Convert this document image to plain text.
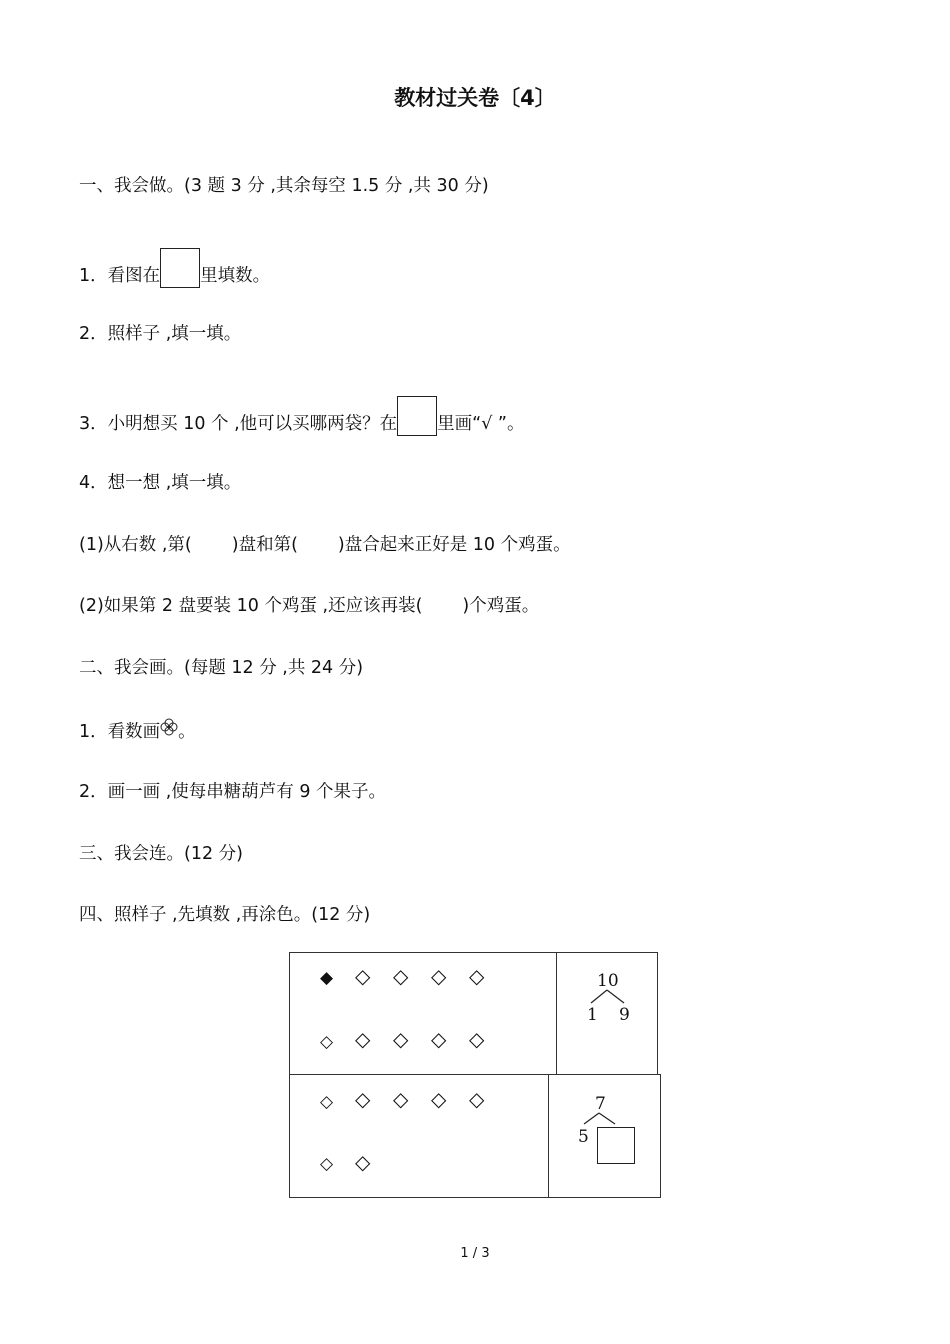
教材过关卷〔4〕
一、我会做。(3 题 3 分 ,其余每空 1.5 分 ,共 30 分)
1．看图在 里填数。
2．照样子 ,填一填。
3．小明想买 10 个 ,他可以买哪两袋？在 里画“√ ”。
4．想一想 ,填一填。
(1)从右数 ,第( )盘和第( )盘合起来正好是 10 个鸡蛋。
(2)如果第 2 盘要装 10 个鸡蛋 ,还应该再装( )个鸡蛋。
二、我会画。(每题 12 分 ,共 24 分)
1．看数画 。
2．画一画 ,使每串糖葫芦有 9 个果子。
三、我会连。(12 分)
四、照样子 ,先填数 ,再涂色。(12 分)
◆ ◇ ◇ ◇ ◇
◇ ◇ ◇ ◇ ◇
10
1 9
◇ ◇ ◇ ◇ ◇
◇ ◇
7
5
1 / 3
